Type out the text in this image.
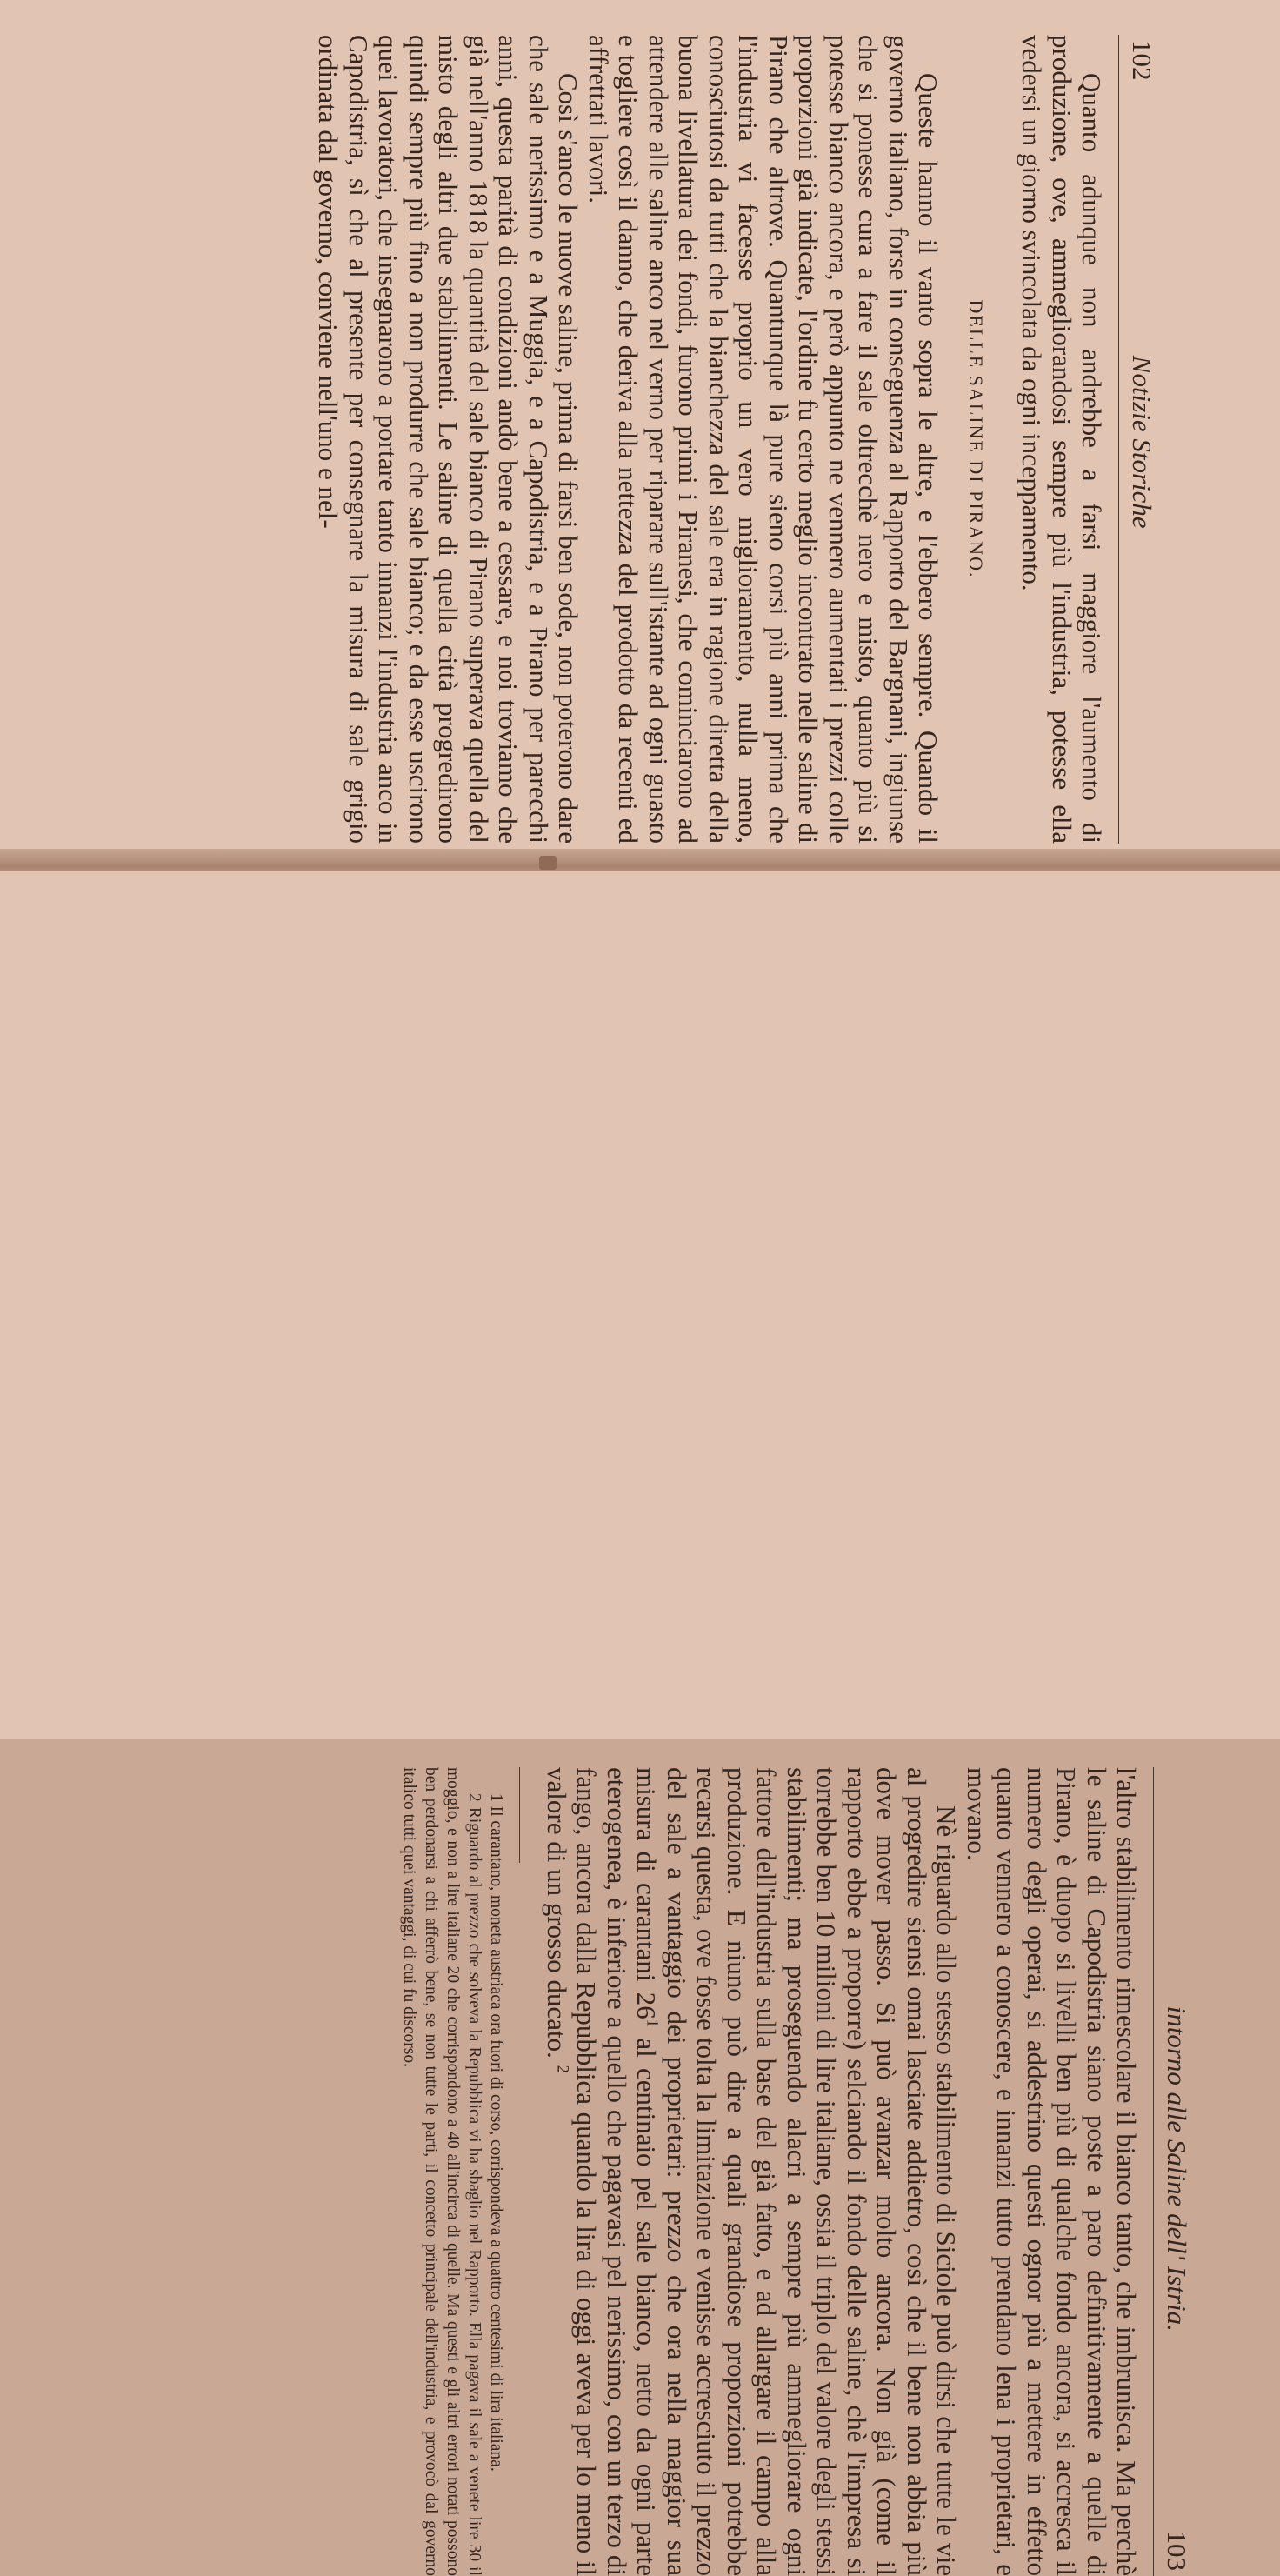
102
Notizie Storiche

Quanto adunque non andrebbe a farsi maggiore l'aumento di produzione, ove, ammegliorandosi sempre più l'industria, potesse ella vedersi un giorno svincolata da ogni inceppamento.

DELLE SALINE DI PIRANO.

Queste hanno il vanto sopra le altre, e l'ebbero sempre. Quando il governo italiano, forse in conseguenza al Rapporto del Bargnani, ingiunse che si ponesse cura a fare il sale oltrecchè nero e misto, quanto più si potesse bianco ancora, e però appunto ne vennero aumentati i prezzi colle proporzioni già indicate, l'ordine fu certo meglio incontrato nelle saline di Pirano che altrove. Quantunque là pure sieno corsi più anni prima che l'industria vi facesse proprio un vero miglioramento, nulla meno, conosciutosi da tutti che la bianchezza del sale era in ragione diretta della buona livellatura dei fondi, furono primi i Piranesi, che cominciarono ad attendere alle saline anco nel verno per riparare sull'istante ad ogni guasto e togliere così il danno, che deriva alla nettezza del prodotto da recenti ed affrettati lavori.

Così s'anco le nuove saline, prima di farsi ben sode, non poterono dare che sale nerissimo e a Muggia, e a Capodistria, e a Pirano per parecchi anni, questa parità di condizioni andò bene a cessare, e noi troviamo che già nell'anno 1818 la quantità del sale bianco di Pirano superava quella del misto degli altri due stabilimenti. Le saline di quella città progredirono quindi sempre più fino a non produrre che sale bianco; e da esse uscirono quei lavoratori, che insegnarono a portare tanto innanzi l'industria anco in Capodistria, sì che al presente per consegnare la misura di sale grigio ordinata dal governo, conviene nell'uno e nel-

intorno alle Saline dell' Istria.
103

l'altro stabilimento rimescolare il bianco tanto, che imbrunisca. Ma perchè le saline di Capodistria siano poste a paro definitivamente a quelle di Pirano, è duopo si livelli ben più di qualche fondo ancora, si accresca il numero degli operai, si addestrino questi ognor più a mettere in effetto quanto vennero a conoscere, e innanzi tutto prendano lena i proprietari, e movano.

Nè riguardo allo stesso stabilimento di Siciole può dirsi che tutte le vie al progredire siensi omai lasciate addietro, così che il bene non abbia più dove mover passo. Si può avanzar molto ancora. Non già (come il rapporto ebbe a proporre) selciando il fondo delle saline, chè l'impresa si torrebbe ben 10 milioni di lire italiane, ossia il triplo del valore degli stessi stabilimenti; ma proseguendo alacri a sempre più ammegliorare ogni fattore dell'industria sulla base del già fatto, e ad allargare il campo alla produzione. E niuno può dire a quali grandiose proporzioni potrebbe recarsi questa, ove fosse tolta la limitazione e venisse accresciuto il prezzo del sale a vantaggio dei proprietari: prezzo che ora nella maggior sua misura di carantani $26^1$ al centinaio pel sale bianco, netto da ogni parte eterogenea, è inferiore a quello che pagavasi pel nerissimo, con un terzo di fango, ancora dalla Repubblica quando la lira di oggi aveva per lo meno il valore di un grosso ducato. $^2$

1 Il carantano, moneta austriaca ora fuori di corso, corrispondeva a quattro centesimi di lira italiana.

2 Riguardo al prezzo che solveva la Repubblica vi ha sbaglio nel Rapporto. Ella pagava il sale a venete lire 30 il moggio, e non a lire italiane 20 che corrispondono a 40 all'incirca di quelle. Ma questi e gli altri errori notati possono ben perdonarsi a chi afferrò bene, se non tutte le parti, il concetto principale dell'industria, e provocò dal governo italico tutti quei vantaggi, di cui fu discorso.
